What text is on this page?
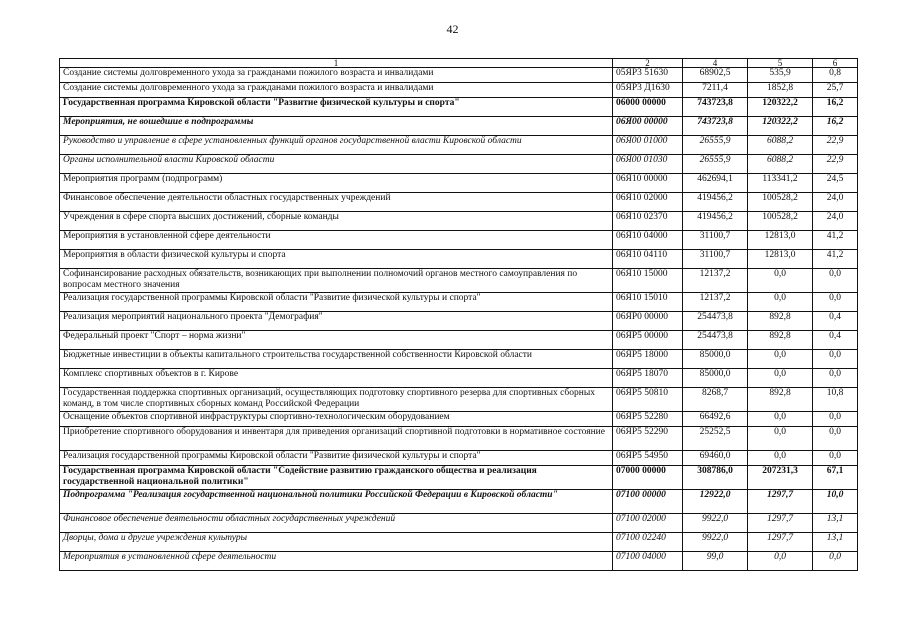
42
1	2	4	5	6
Создание системы долговременного ухода за гражданами пожилого возраста и инвалидами	05ЯР3 51630	68902,5	535,9	0,8
Создание системы долговременного ухода за гражданами пожилого возраста и инвалидами	05ЯР3 Д1630	7211,4	1852,8	25,7
Государственная программа Кировской области "Развитие физической культуры и спорта"	06000 00000	743723,8	120322,2	16,2
Мероприятия, не вошедшие в подпрограммы	06Я00 00000	743723,8	120322,2	16,2
Руководство и управление в сфере установленных функций органов государственной власти Кировской области	06Я00 01000	26555,9	6088,2	22,9
Органы исполнительной власти Кировской области	06Я00 01030	26555,9	6088,2	22,9
Мероприятия программ (подпрограмм)	06Я10 00000	462694,1	113341,2	24,5
Финансовое обеспечение деятельности областных государственных учреждений	06Я10 02000	419456,2	100528,2	24,0
Учреждения в сфере спорта высших достижений, сборные команды	06Я10 02370	419456,2	100528,2	24,0
Мероприятия в установленной сфере деятельности	06Я10 04000	31100,7	12813,0	41,2
Мероприятия в области физической культуры и спорта	06Я10 04110	31100,7	12813,0	41,2
Софинансирование расходных обязательств, возникающих при выполнении полномочий органов местного самоуправления по вопросам местного значения	06Я10 15000	12137,2	0,0	0,0
Реализация государственной программы Кировской области "Развитие физической культуры и спорта"	06Я10 15010	12137,2	0,0	0,0
Реализация мероприятий национального проекта "Демография"	06ЯР0 00000	254473,8	892,8	0,4
Федеральный проект "Спорт – норма жизни"	06ЯР5 00000	254473,8	892,8	0,4
Бюджетные инвестиции в объекты капитального строительства государственной собственности Кировской области	06ЯР5 18000	85000,0	0,0	0,0
Комплекс спортивных объектов в г. Кирове	06ЯР5 18070	85000,0	0,0	0,0
Государственная поддержка спортивных организаций, осуществляющих подготовку спортивного резерва для спортивных сборных команд, в том числе спортивных сборных команд Российской Федерации	06ЯР5 50810	8268,7	892,8	10,8
Оснащение объектов спортивной инфраструктуры спортивно-технологическим оборудованием	06ЯР5 52280	66492,6	0,0	0,0
Приобретение спортивного оборудования и инвентаря для приведения организаций спортивной подготовки в нормативное состояние	06ЯР5 52290	25252,5	0,0	0,0
Реализация государственной программы Кировской области "Развитие физической культуры и спорта"	06ЯР5 54950	69460,0	0,0	0,0
Государственная программа Кировской области "Содействие развитию гражданского общества и реализация государственной национальной политики"	07000 00000	308786,0	207231,3	67,1
Подпрограмма "Реализация государственной национальной политики Российской Федерации в Кировской области"	07100 00000	12922,0	1297,7	10,0
Финансовое обеспечение деятельности областных государственных учреждений	07100 02000	9922,0	1297,7	13,1
Дворцы, дома и другие учреждения культуры	07100 02240	9922,0	1297,7	13,1
Мероприятия в установленной сфере деятельности	07100 04000	99,0	0,0	0,0
